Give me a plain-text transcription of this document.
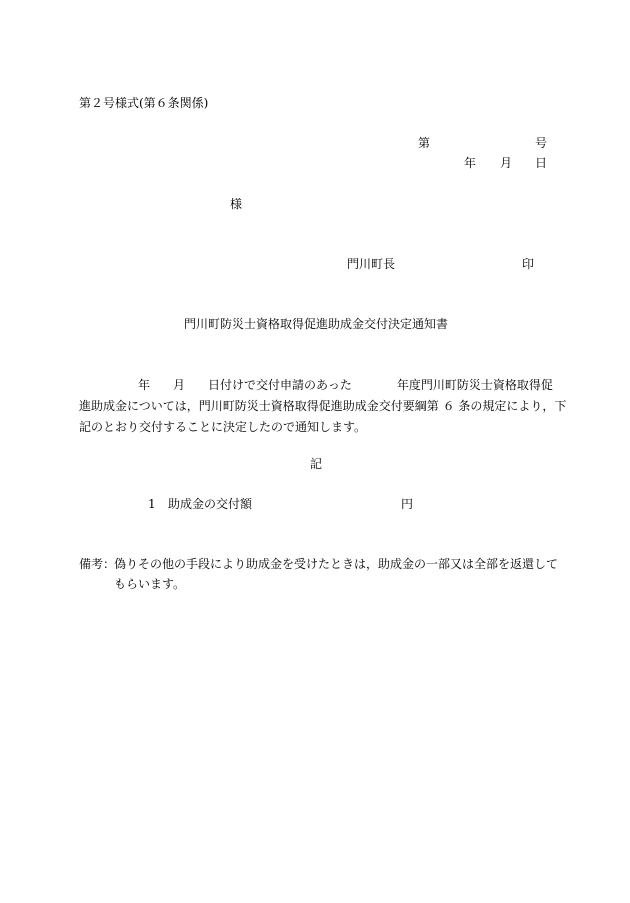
第２号様式(第６条関係)
第	号
年 月 日
様
門川町長	印
門川町防災士資格取得促進助成金交付決定通知書
年 月 日付けで交付申請のあった	年度門川町防災士資格取得促
進助成金については，門川町防災士資格取得促進助成金交付要綱第 ６ 条の規定により，下
記のとおり交付することに決定したので通知します。
記
1 助成金の交付額	円
備考：
偽りその他の手段により助成金を受けたときは，助成金の一部又は全部を返還して
もらいます。
